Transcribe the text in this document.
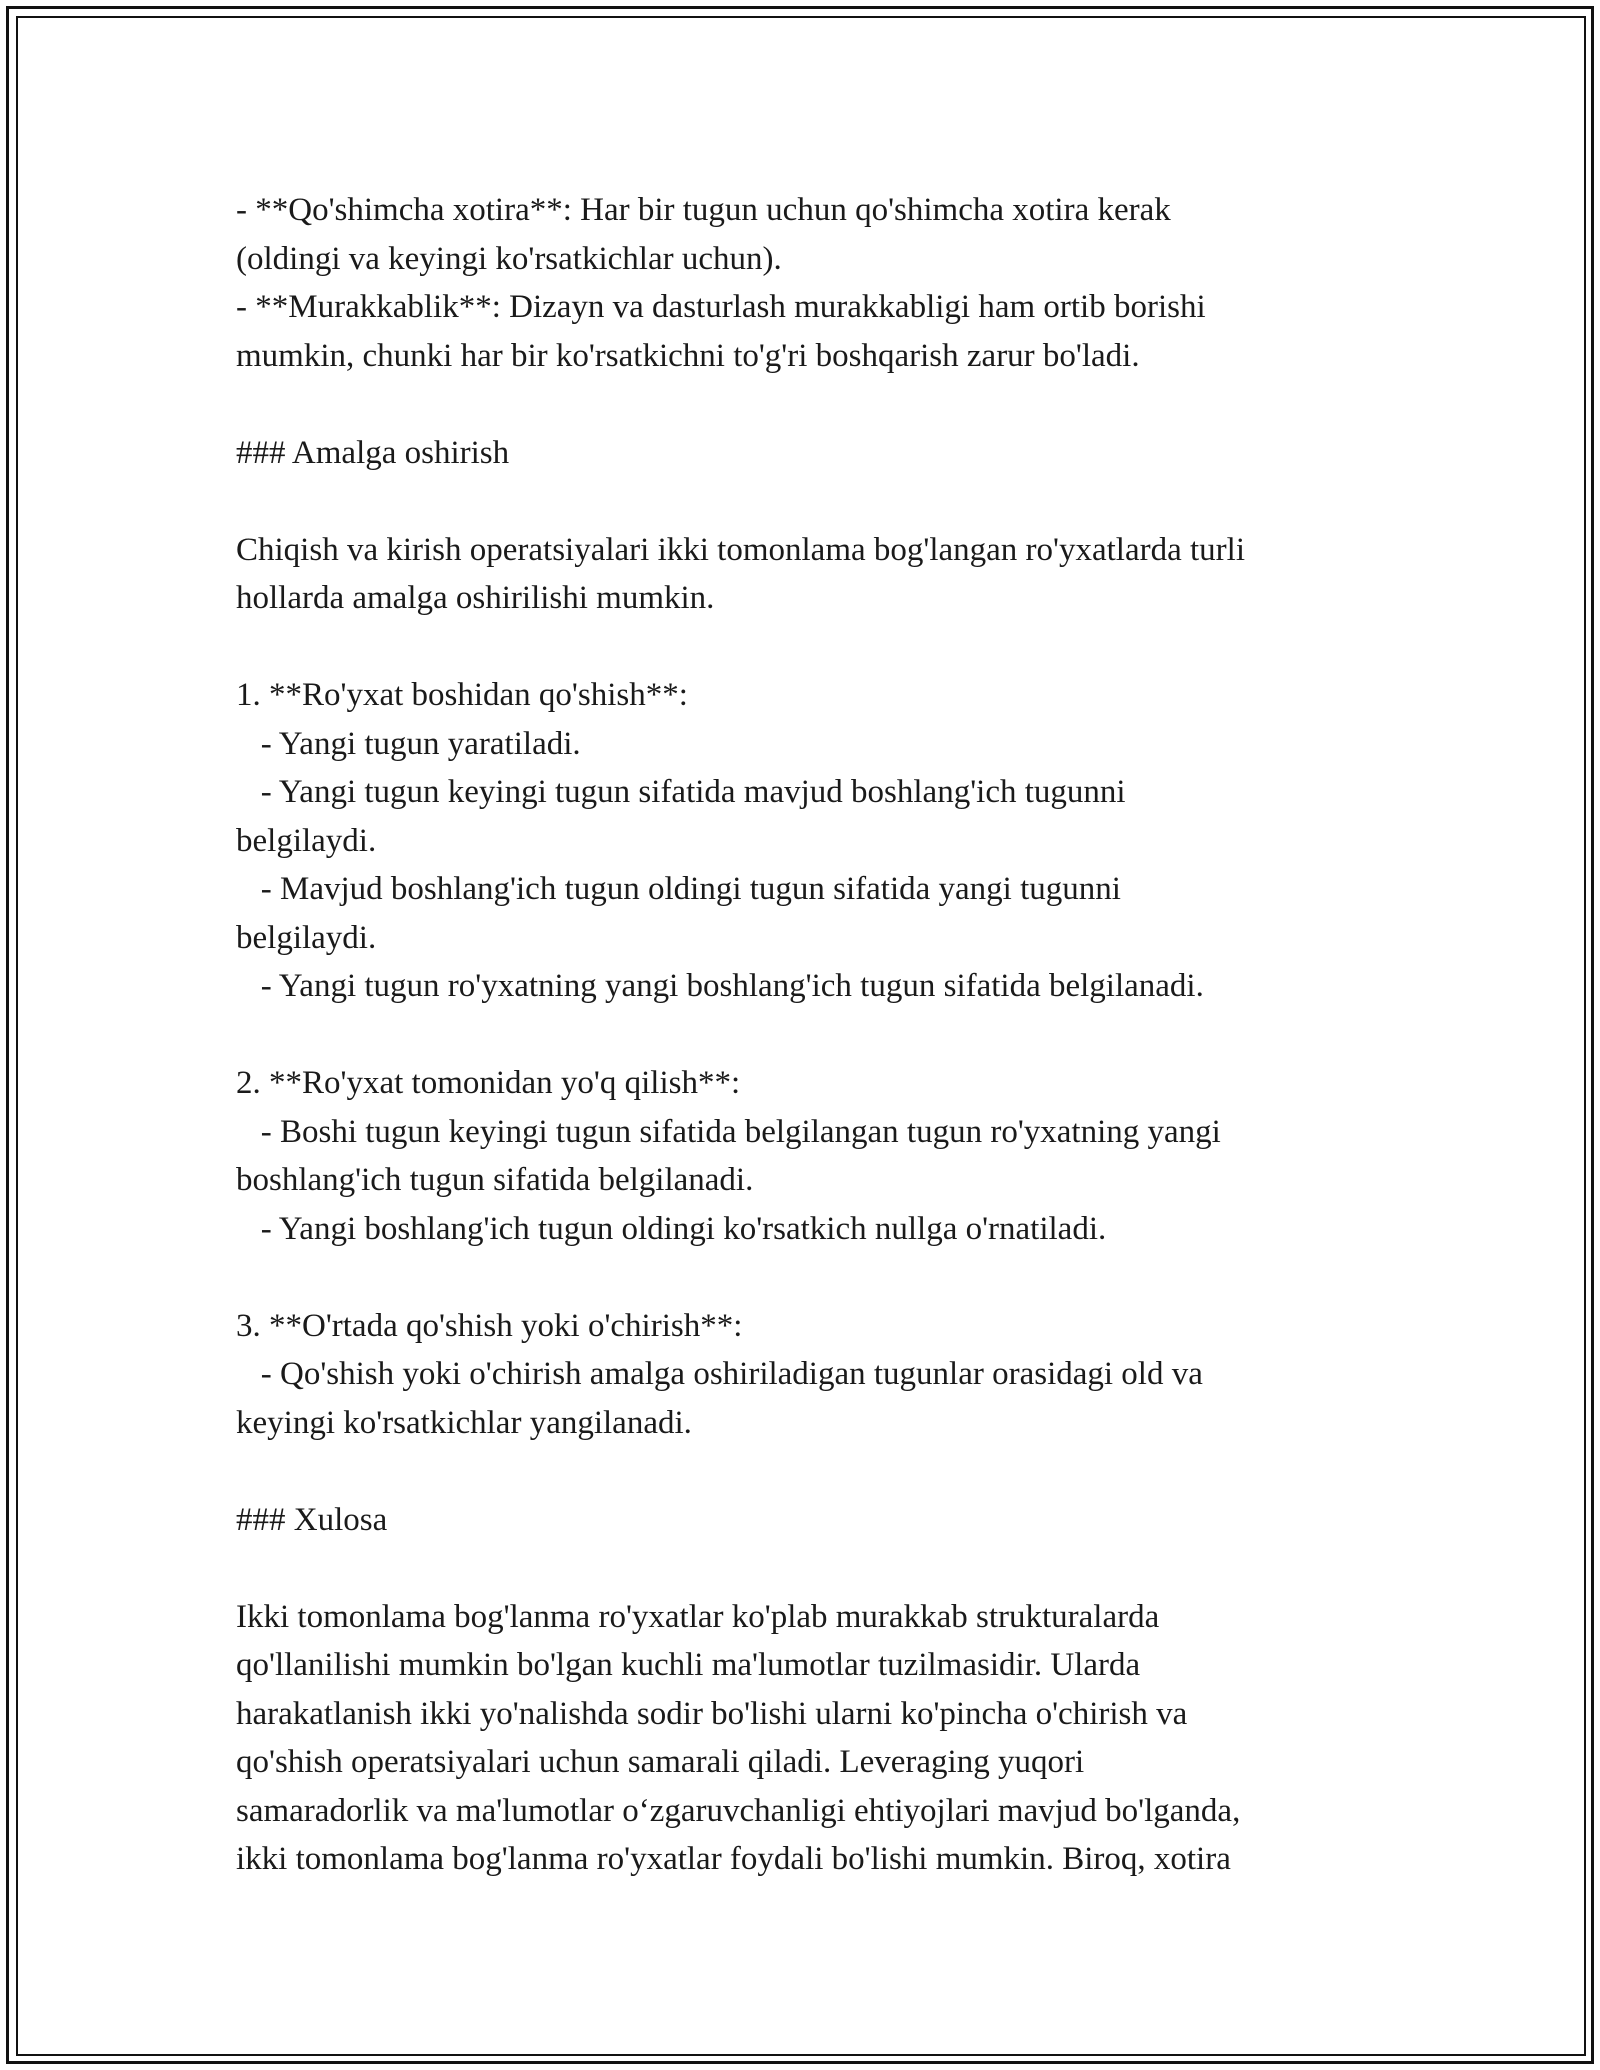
- **Qo'shimcha xotira**: Har bir tugun uchun qo'shimcha xotira kerak
(oldingi va keyingi ko'rsatkichlar uchun).
- **Murakkablik**: Dizayn va dasturlash murakkabligi ham ortib borishi
mumkin, chunki har bir ko'rsatkichni to'g'ri boshqarish zarur bo'ladi.
### Amalga oshirish
Chiqish va kirish operatsiyalari ikki tomonlama bog'langan ro'yxatlarda turli
hollarda amalga oshirilishi mumkin.
1. **Ro'yxat boshidan qo'shish**:
- Yangi tugun yaratiladi.
- Yangi tugun keyingi tugun sifatida mavjud boshlang'ich tugunni
belgilaydi.
- Mavjud boshlang'ich tugun oldingi tugun sifatida yangi tugunni
belgilaydi.
- Yangi tugun ro'yxatning yangi boshlang'ich tugun sifatida belgilanadi.
2. **Ro'yxat tomonidan yo'q qilish**:
- Boshi tugun keyingi tugun sifatida belgilangan tugun ro'yxatning yangi
boshlang'ich tugun sifatida belgilanadi.
- Yangi boshlang'ich tugun oldingi ko'rsatkich nullga o'rnatiladi.
3. **O'rtada qo'shish yoki o'chirish**:
- Qo'shish yoki o'chirish amalga oshiriladigan tugunlar orasidagi old va
keyingi ko'rsatkichlar yangilanadi.
### Xulosa
Ikki tomonlama bog'lanma ro'yxatlar ko'plab murakkab strukturalarda
qo'llanilishi mumkin bo'lgan kuchli ma'lumotlar tuzilmasidir. Ularda
harakatlanish ikki yo'nalishda sodir bo'lishi ularni ko'pincha o'chirish va
qo'shish operatsiyalari uchun samarali qiladi. Leveraging yuqori
samaradorlik va ma'lumotlar o‘zgaruvchanligi ehtiyojlari mavjud bo'lganda,
ikki tomonlama bog'lanma ro'yxatlar foydali bo'lishi mumkin. Biroq, xotira
